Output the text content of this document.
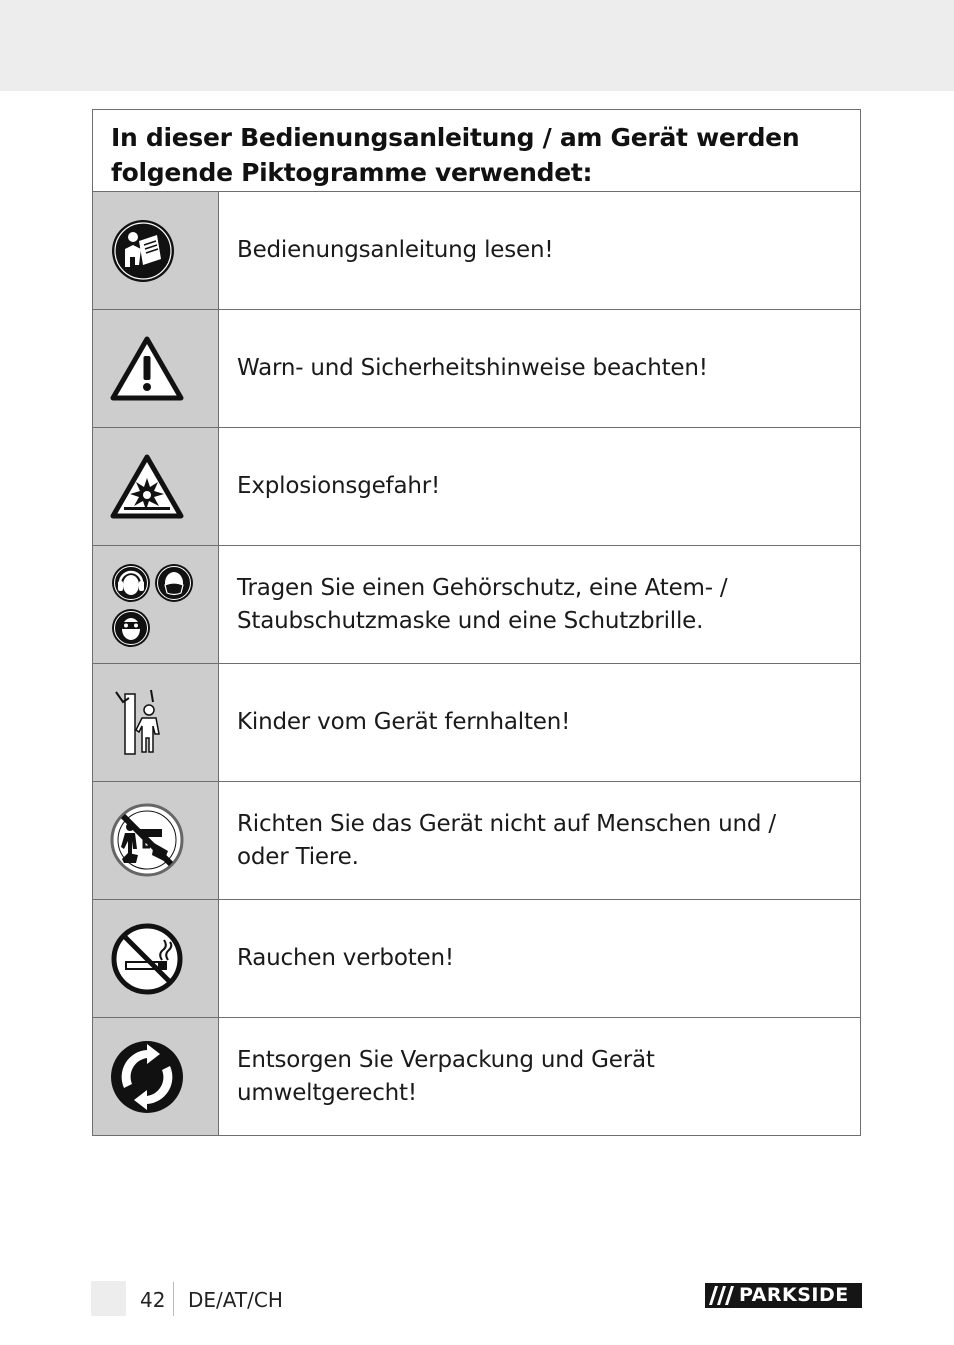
In dieser Bedienungsanleitung / am Gerät werden
folgende Piktogramme verwendet:
Bedienungsanleitung lesen!
Warn- und Sicherheitshinweise beachten!
Explosionsgefahr!
Tragen Sie einen Gehörschutz, eine Atem- /
Staubschutzmaske und eine Schutzbrille.
Kinder vom Gerät fernhalten!
Richten Sie das Gerät nicht auf Menschen und /
oder Tiere.
Rauchen verboten!
Entsorgen Sie Verpackung und Gerät umweltgerecht!
42 DE/AT/CH	PARKSIDE
